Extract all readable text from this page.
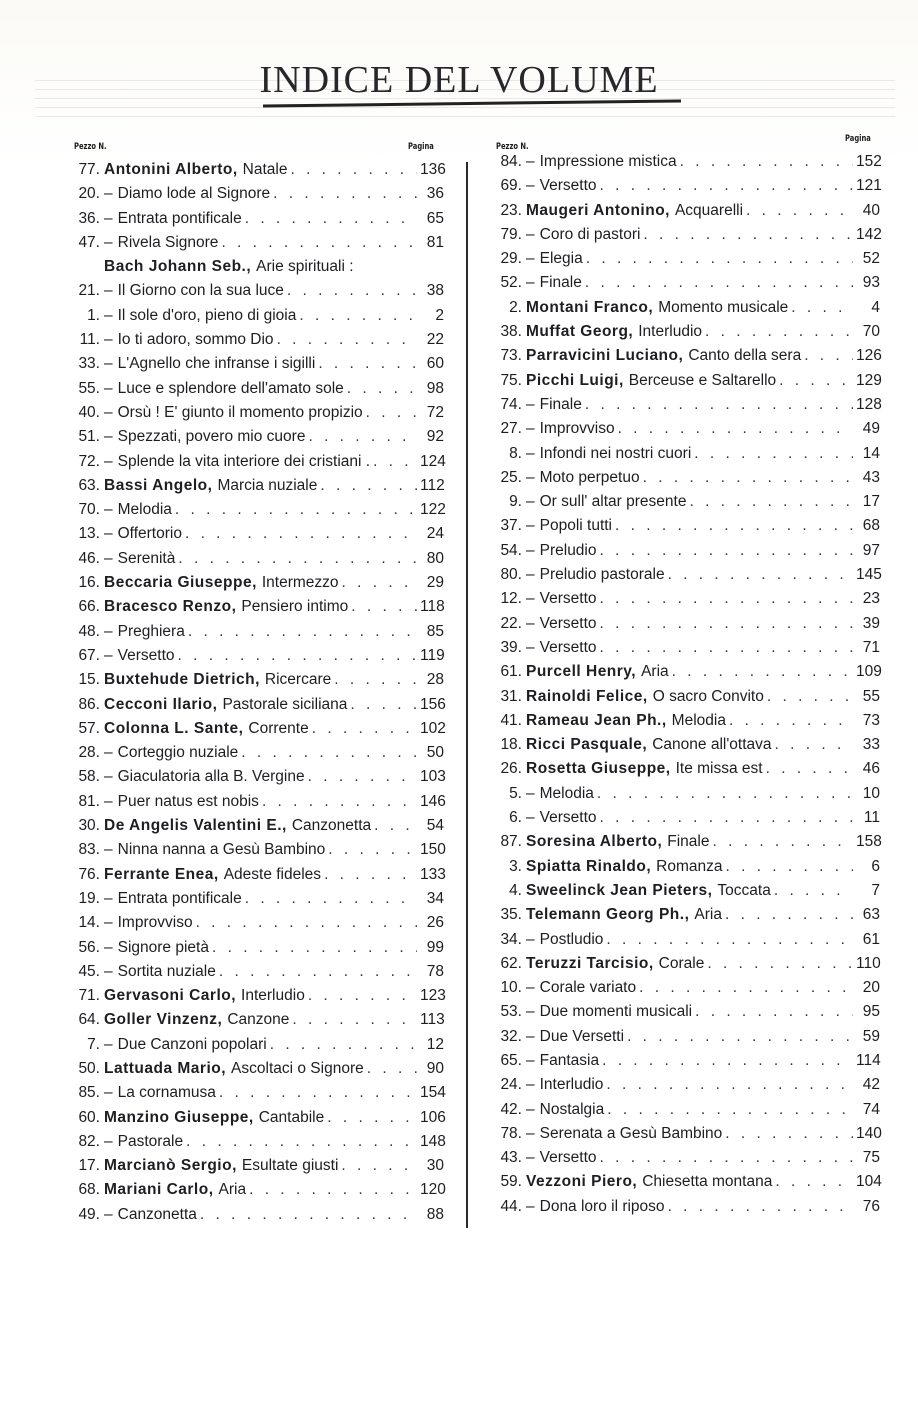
INDICE DEL VOLUME
Pezzo N.	Pagina	Pezzo N.
Pagina
77. Antonini Alberto, Natale . . .	136
20. – Diamo lode al Signore . . .	36
36. – Entrata pontificale . . .	65
47. – Rivela Signore . . .	81
Bach Johann Seb., Arie spirituali :
21. – Il Giorno con la sua luce . . .	38
1. – Il sole d'oro, pieno di gioia . . .	2
11. – Io ti adoro, sommo Dio . . .	22
33. – L'Agnello che infranse i sigilli . . .	60
55. – Luce e splendore dell'amato sole . . .	98
40. – Orsù ! E' giunto il momento propizio . . .	72
51. – Spezzati, povero mio cuore . . .	92
72. – Splende la vita interiore dei cristiani . . . .	124
63. Bassi Angelo, Marcia nuziale . . .	112
70. – Melodia . . .	122
13. – Offertorio . . .	24
46. – Serenità . . .	80
16. Beccaria Giuseppe, Intermezzo . . .	29
66. Bracesco Renzo, Pensiero intimo . . .	118
48. – Preghiera . . .	85
67. – Versetto . . .	119
15. Buxtehude Dietrich, Ricercare . . .	28
86. Cecconi Ilario, Pastorale siciliana . . .	156
57. Colonna L. Sante, Corrente . . .	102
28. – Corteggio nuziale . . .	50
58. – Giaculatoria alla B. Vergine . . .	103
81. – Puer natus est nobis . . .	146
30. De Angelis Valentini E., Canzonetta . . .	54
83. – Ninna nanna a Gesù Bambino . . .	150
76. Ferrante Enea, Adeste fideles . . .	133
19. – Entrata pontificale . . .	34
14. – Improvviso . . .	26
56. – Signore pietà . . .	99
45. – Sortita nuziale . . .	78
71. Gervasoni Carlo, Interludio . . .	123
64. Goller Vinzenz, Canzone . . .	113
7. – Due Canzoni popolari . . .	12
50. Lattuada Mario, Ascoltaci o Signore . . .	90
85. – La cornamusa . . .	154
60. Manzino Giuseppe, Cantabile . . .	106
82. – Pastorale . . .	148
17. Marcianò Sergio, Esultate giusti . . .	30
68. Mariani Carlo, Aria . . .	120
49. – Canzonetta . . .	88
84. – Impressione mistica . . .	152
69. – Versetto . . .	121
23. Maugeri Antonino, Acquarelli . . .	40
79. – Coro di pastori . . .	142
29. – Elegia . . .	52
52. – Finale . . .	93
2. Montani Franco, Momento musicale . . .	4
38. Muffat Georg, Interludio . . .	70
73. Parravicini Luciano, Canto della sera . . .	126
75. Picchi Luigi, Berceuse e Saltarello . . .	129
74. – Finale . . .	128
27. – Improvviso . . .	49
8. – Infondi nei nostri cuori . . .	14
25. – Moto perpetuo . . .	43
9. – Or sull' altar presente . . .	17
37. – Popoli tutti . . .	68
54. – Preludio . . .	97
80. – Preludio pastorale . . .	145
12. – Versetto . . .	23
22. – Versetto . . .	39
39. – Versetto . . .	71
61. Purcell Henry, Aria . . .	109
31. Rainoldi Felice, O sacro Convito . . .	55
41. Rameau Jean Ph., Melodia . . .	73
18. Ricci Pasquale, Canone all'ottava . . .	33
26. Rosetta Giuseppe, Ite missa est . . .	46
5. – Melodia . . .	10
6. – Versetto . . .	11
87. Soresina Alberto, Finale . . .	158
3. Spiatta Rinaldo, Romanza . . .	6
4. Sweelinck Jean Pieters, Toccata . . .	7
35. Telemann Georg Ph., Aria . . .	63
34. – Postludio . . .	61
62. Teruzzi Tarcisio, Corale . . .	110
10. – Corale variato . . .	20
53. – Due momenti musicali . . .	95
32. – Due Versetti . . .	59
65. – Fantasia . . .	114
24. – Interludio . . .	42
42. – Nostalgia . . .	74
78. – Serenata a Gesù Bambino . . .	140
43. – Versetto . . .	75
59. Vezzoni Piero, Chiesetta montana . . .	104
44. – Dona loro il riposo . . .	76
